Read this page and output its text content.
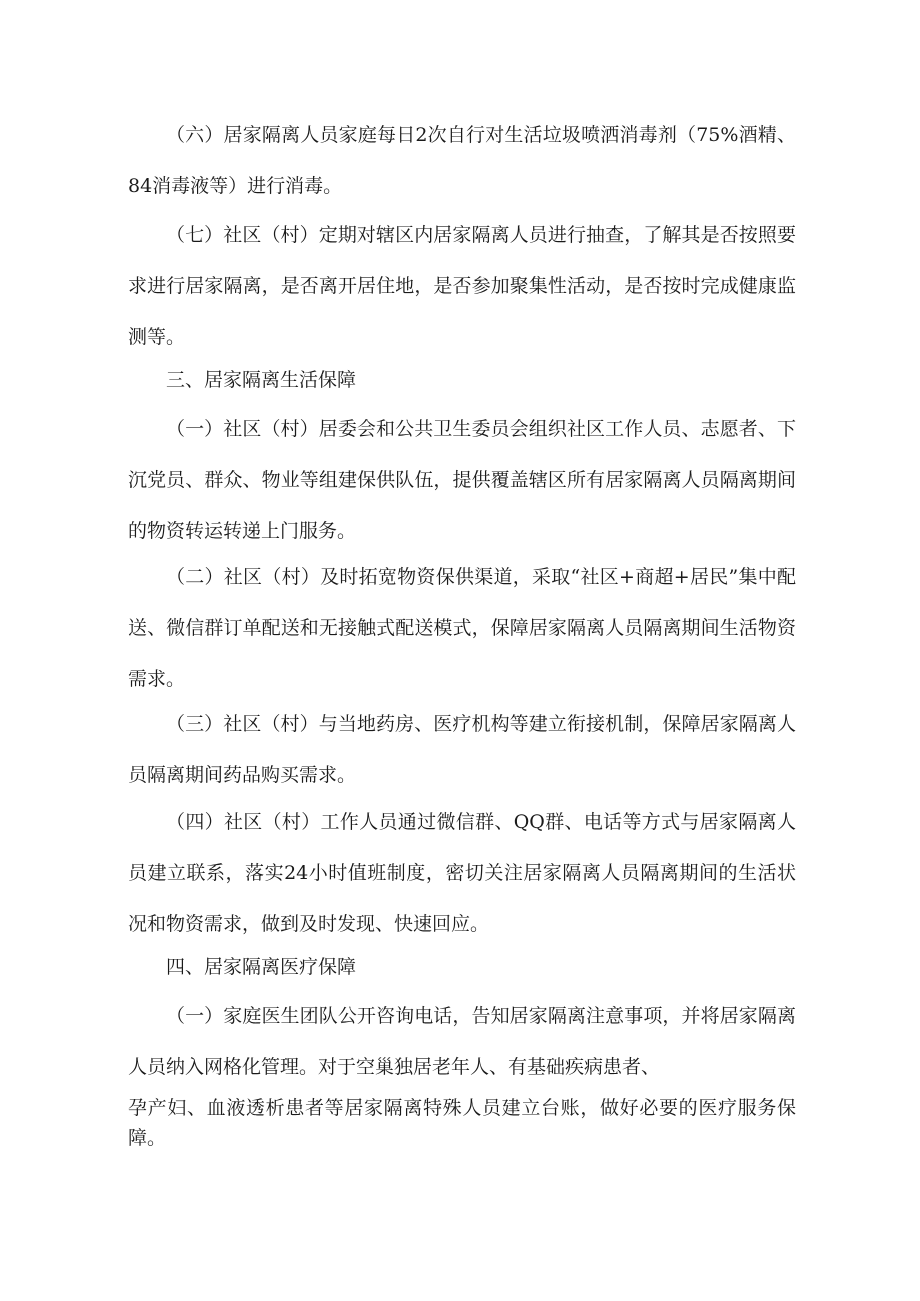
（六）居家隔离人员家庭每日2次自行对生活垃圾喷洒消毒剂（75%酒精、84消毒液等）进行消毒。

（七）社区（村）定期对辖区内居家隔离人员进行抽查，了解其是否按照要求进行居家隔离，是否离开居住地，是否参加聚集性活动，是否按时完成健康监测等。

三、居家隔离生活保障

（一）社区（村）居委会和公共卫生委员会组织社区工作人员、志愿者、下沉党员、群众、物业等组建保供队伍，提供覆盖辖区所有居家隔离人员隔离期间的物资转运转递上门服务。

（二）社区（村）及时拓宽物资保供渠道，采取“社区+商超+居民”集中配送、微信群订单配送和无接触式配送模式，保障居家隔离人员隔离期间生活物资需求。

（三）社区（村）与当地药房、医疗机构等建立衔接机制，保障居家隔离人员隔离期间药品购买需求。

（四）社区（村）工作人员通过微信群、QQ群、电话等方式与居家隔离人员建立联系，落实24小时值班制度，密切关注居家隔离人员隔离期间的生活状况和物资需求，做到及时发现、快速回应。

四、居家隔离医疗保障

（一）家庭医生团队公开咨询电话，告知居家隔离注意事项，并将居家隔离人员纳入网格化管理。对于空巢独居老年人、有基础疾病患者、

孕产妇、血液透析患者等居家隔离特殊人员建立台账，做好必要的医疗服务保障。
